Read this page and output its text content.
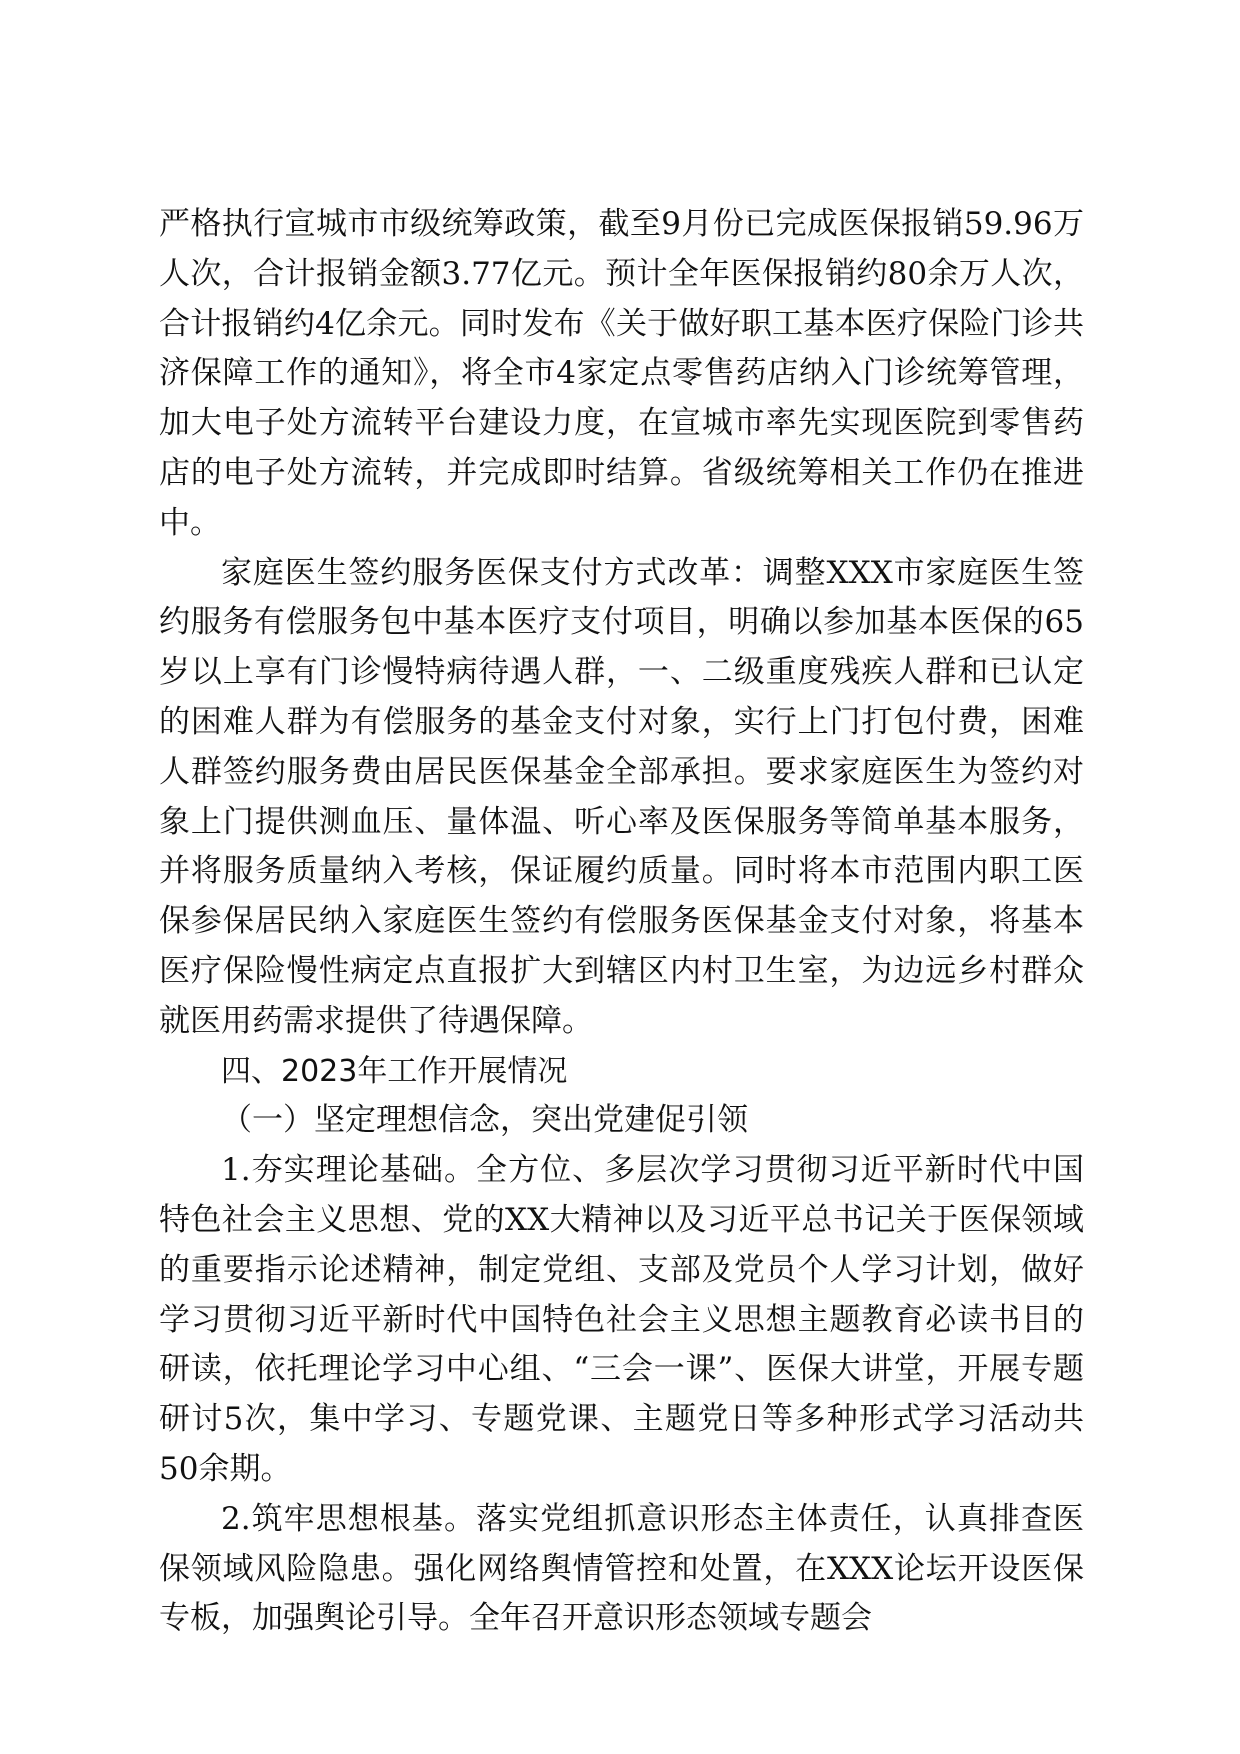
严格执行宣城市市级统筹政策，截至9月份已完成医保报销59.96万人次，合计报销金额3.77亿元。预计全年医保报销约80余万人次，合计报销约4亿余元。同时发布《关于做好职工基本医疗保险门诊共济保障工作的通知》，将全市4家定点零售药店纳入门诊统筹管理，加大电子处方流转平台建设力度，在宣城市率先实现医院到零售药店的电子处方流转，并完成即时结算。省级统筹相关工作仍在推进中。

家庭医生签约服务医保支付方式改革：调整XXX市家庭医生签约服务有偿服务包中基本医疗支付项目，明确以参加基本医保的65岁以上享有门诊慢特病待遇人群，一、二级重度残疾人群和已认定的困难人群为有偿服务的基金支付对象，实行上门打包付费，困难人群签约服务费由居民医保基金全部承担。要求家庭医生为签约对象上门提供测血压、量体温、听心率及医保服务等简单基本服务，并将服务质量纳入考核，保证履约质量。同时将本市范围内职工医保参保居民纳入家庭医生签约有偿服务医保基金支付对象，将基本医疗保险慢性病定点直报扩大到辖区内村卫生室，为边远乡村群众就医用药需求提供了待遇保障。

四、2023年工作开展情况

（一）坚定理想信念，突出党建促引领

1.夯实理论基础。全方位、多层次学习贯彻习近平新时代中国特色社会主义思想、党的XX大精神以及习近平总书记关于医保领域的重要指示论述精神，制定党组、支部及党员个人学习计划，做好学习贯彻习近平新时代中国特色社会主义思想主题教育必读书目的研读，依托理论学习中心组、“三会一课”、医保大讲堂，开展专题研讨5次，集中学习、专题党课、主题党日等多种形式学习活动共50余期。

2.筑牢思想根基。落实党组抓意识形态主体责任，认真排查医保领域风险隐患。强化网络舆情管控和处置，在XXX论坛开设医保专板，加强舆论引导。全年召开意识形态领域专题会
